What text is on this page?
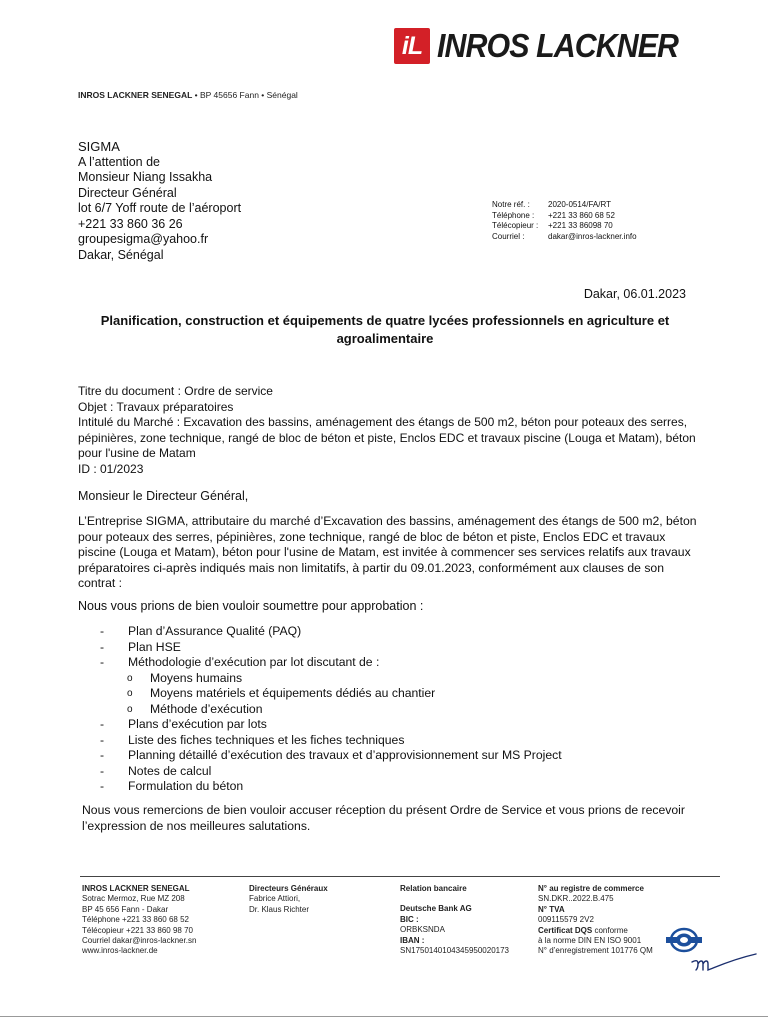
iL INROS LACKNER
INROS LACKNER SENEGAL • BP 45656 Fann • Sénégal
SIGMA
A l’attention de
Monsieur Niang Issakha
Directeur Général
lot 6/7 Yoff route de l’aéroport
+221 33 860 36 26
groupesigma@yahoo.fr
Dakar, Sénégal
Notre réf. :	2020-0514/FA/RT
Téléphone :	+221 33 860 68 52
Télécopieur :	+221 33 86098 70
Courriel :	dakar@inros-lackner.info
Dakar, 06.01.2023
Planification, construction et équipements de quatre lycées professionnels en agriculture et agroalimentaire
Titre du document : Ordre de service
Objet : Travaux préparatoires
Intitulé du Marché : Excavation des bassins, aménagement des étangs de 500 m2, béton pour poteaux des serres, pépinières, zone technique, rangé de bloc de béton et piste, Enclos EDC et travaux piscine (Louga et Matam), béton pour l'usine de Matam
ID : 01/2023
Monsieur le Directeur Général,
L’Entreprise SIGMA, attributaire du marché d’Excavation des bassins, aménagement des étangs de 500 m2, béton pour poteaux des serres, pépinières, zone technique, rangé de bloc de béton et piste, Enclos EDC et travaux piscine (Louga et Matam), béton pour l'usine de Matam, est invitée à commencer ses services relatifs aux travaux préparatoires ci-après indiqués mais non limitatifs, à partir du 09.01.2023, conformément aux clauses de son contrat :
Nous vous prions de bien vouloir soumettre pour approbation :
- Plan d’Assurance Qualité (PAQ)
- Plan HSE
- Méthodologie d’exécution par lot discutant de :
o Moyens humains
o Moyens matériels et équipements dédiés au chantier
o Méthode d’exécution
- Plans d’exécution par lots
- Liste des fiches techniques et les fiches techniques
- Planning détaillé d’exécution des travaux et d’approvisionnement sur MS Project
- Notes de calcul
- Formulation du béton
Nous vous remercions de bien vouloir accuser réception du présent Ordre de Service et vous prions de recevoir l’expression de nos meilleures salutations.
INROS LACKNER SENEGAL
Sotrac Mermoz, Rue MZ 208
BP 45 656 Fann - Dakar
Téléphone +221 33 860 68 52
Télécopieur +221 33 860 98 70
Courriel dakar@inros-lackner.sn
www.inros-lackner.de
Directeurs Généraux
Fabrice Attiori,
Dr. Klaus Richter
Relation bancaire
Deutsche Bank AG
BIC :
ORBKSNDA
IBAN :
SN1750140104345950020173
N° au registre de commerce
SN.DKR..2022.B.475
N° TVA
009115579 2V2
Certificat DQS conforme
à la norme DIN EN ISO 9001
N° d’enregistrement 101776 QM
